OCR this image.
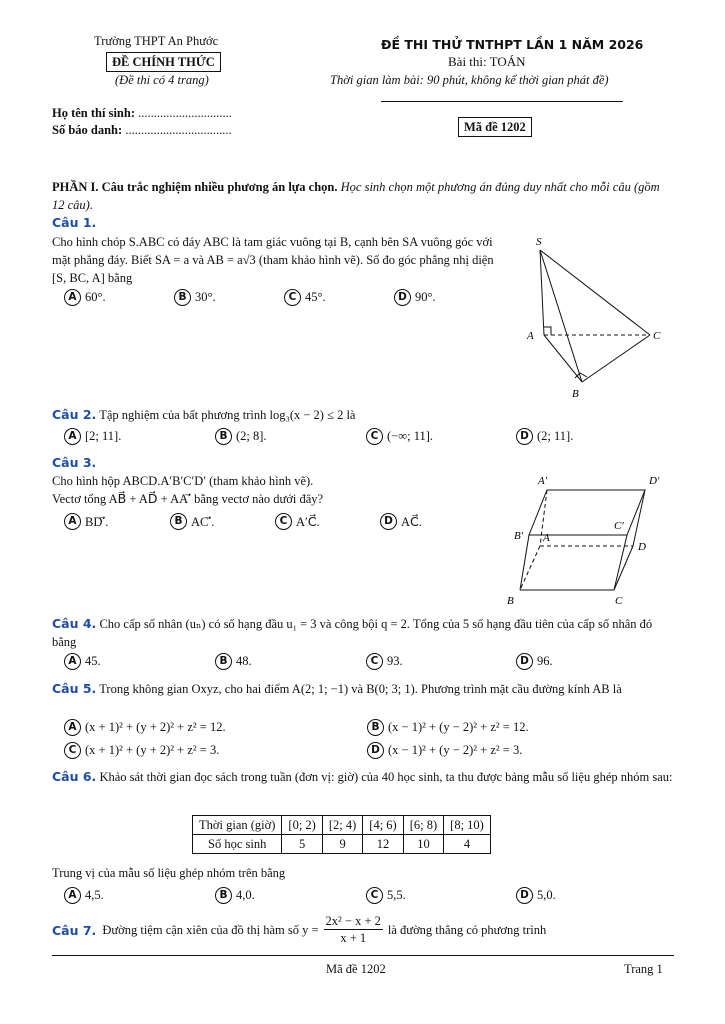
Trường THPT An Phước
ĐỀ CHÍNH THỨC
(Đề thi có 4 trang)
ĐỀ THI THỬ TNTHPT LẦN 1 NĂM 2026
Bài thi: TOÁN
Thời gian làm bài: 90 phút, không kể thời gian phát đề)
Họ tên thí sinh: ..............................
Số báo danh: ..................................	Mã đề 1202
PHẦN I. Câu trắc nghiệm nhiều phương án lựa chọn. Học sinh chọn một phương án đúng duy nhất cho mỗi câu (gồm 12 câu).
Câu 1.
Cho hình chóp S.ABC có đáy ABC là tam giác vuông tại B, cạnh bên SA vuông góc với mặt phẳng đáy. Biết SA = a và AB = a√3 (tham khảo hình vẽ). Số đo góc phẳng nhị diện [S, BC, A] bằng
A 60°.	B 30°.	C 45°.	D 90°.
S
A
B
C
Câu 2. Tập nghiệm của bất phương trình log₃(x − 2) ≤ 2 là
A [2; 11].	B (2; 8].	C (−∞; 11].	D (2; 11].
Câu 3.
Cho hình hộp ABCD.A′B′C′D′ (tham khảo hình vẽ).
Vectơ tổng AB⃗ + AD⃗ + AA′⃗ bằng vectơ nào dưới đây?
A BD′⃗.	B AC′⃗.	C A′C⃗.	D AC⃗.
A′	D′
B′
C′
A
D
B	C
Câu 4. Cho cấp số nhân (uₙ) có số hạng đầu u₁ = 3 và công bội q = 2. Tổng của 5 số hạng đầu tiên của cấp số nhân đó bằng
A 45.	B 48.	C 93.	D 96.
Câu 5. Trong không gian Oxyz, cho hai điểm A(2; 1; −1) và B(0; 3; 1). Phương trình mặt cầu đường kính AB là
A (x + 1)² + (y + 2)² + z² = 12.	B (x − 1)² + (y − 2)² + z² = 12.
C (x + 1)² + (y + 2)² + z² = 3.	D (x − 1)² + (y − 2)² + z² = 3.
Câu 6. Khảo sát thời gian đọc sách trong tuần (đơn vị: giờ) của 40 học sinh, ta thu được bảng mẫu số liệu ghép nhóm sau:
Thời gian (giờ)	[0; 2)	[2; 4)	[4; 6)	[6; 8)	[8; 10)
Số học sinh	5	9	12	10	4
Trung vị của mẫu số liệu ghép nhóm trên bằng
A 4,5.	B 4,0.	C 5,5.	D 5,0.
Câu 7. Đường tiệm cận xiên của đồ thị hàm số $y = \frac{\text{2x² − x + 2}}{x + 1}$ là đường thẳng có phương trình
Mã đề 1202	Trang 1
